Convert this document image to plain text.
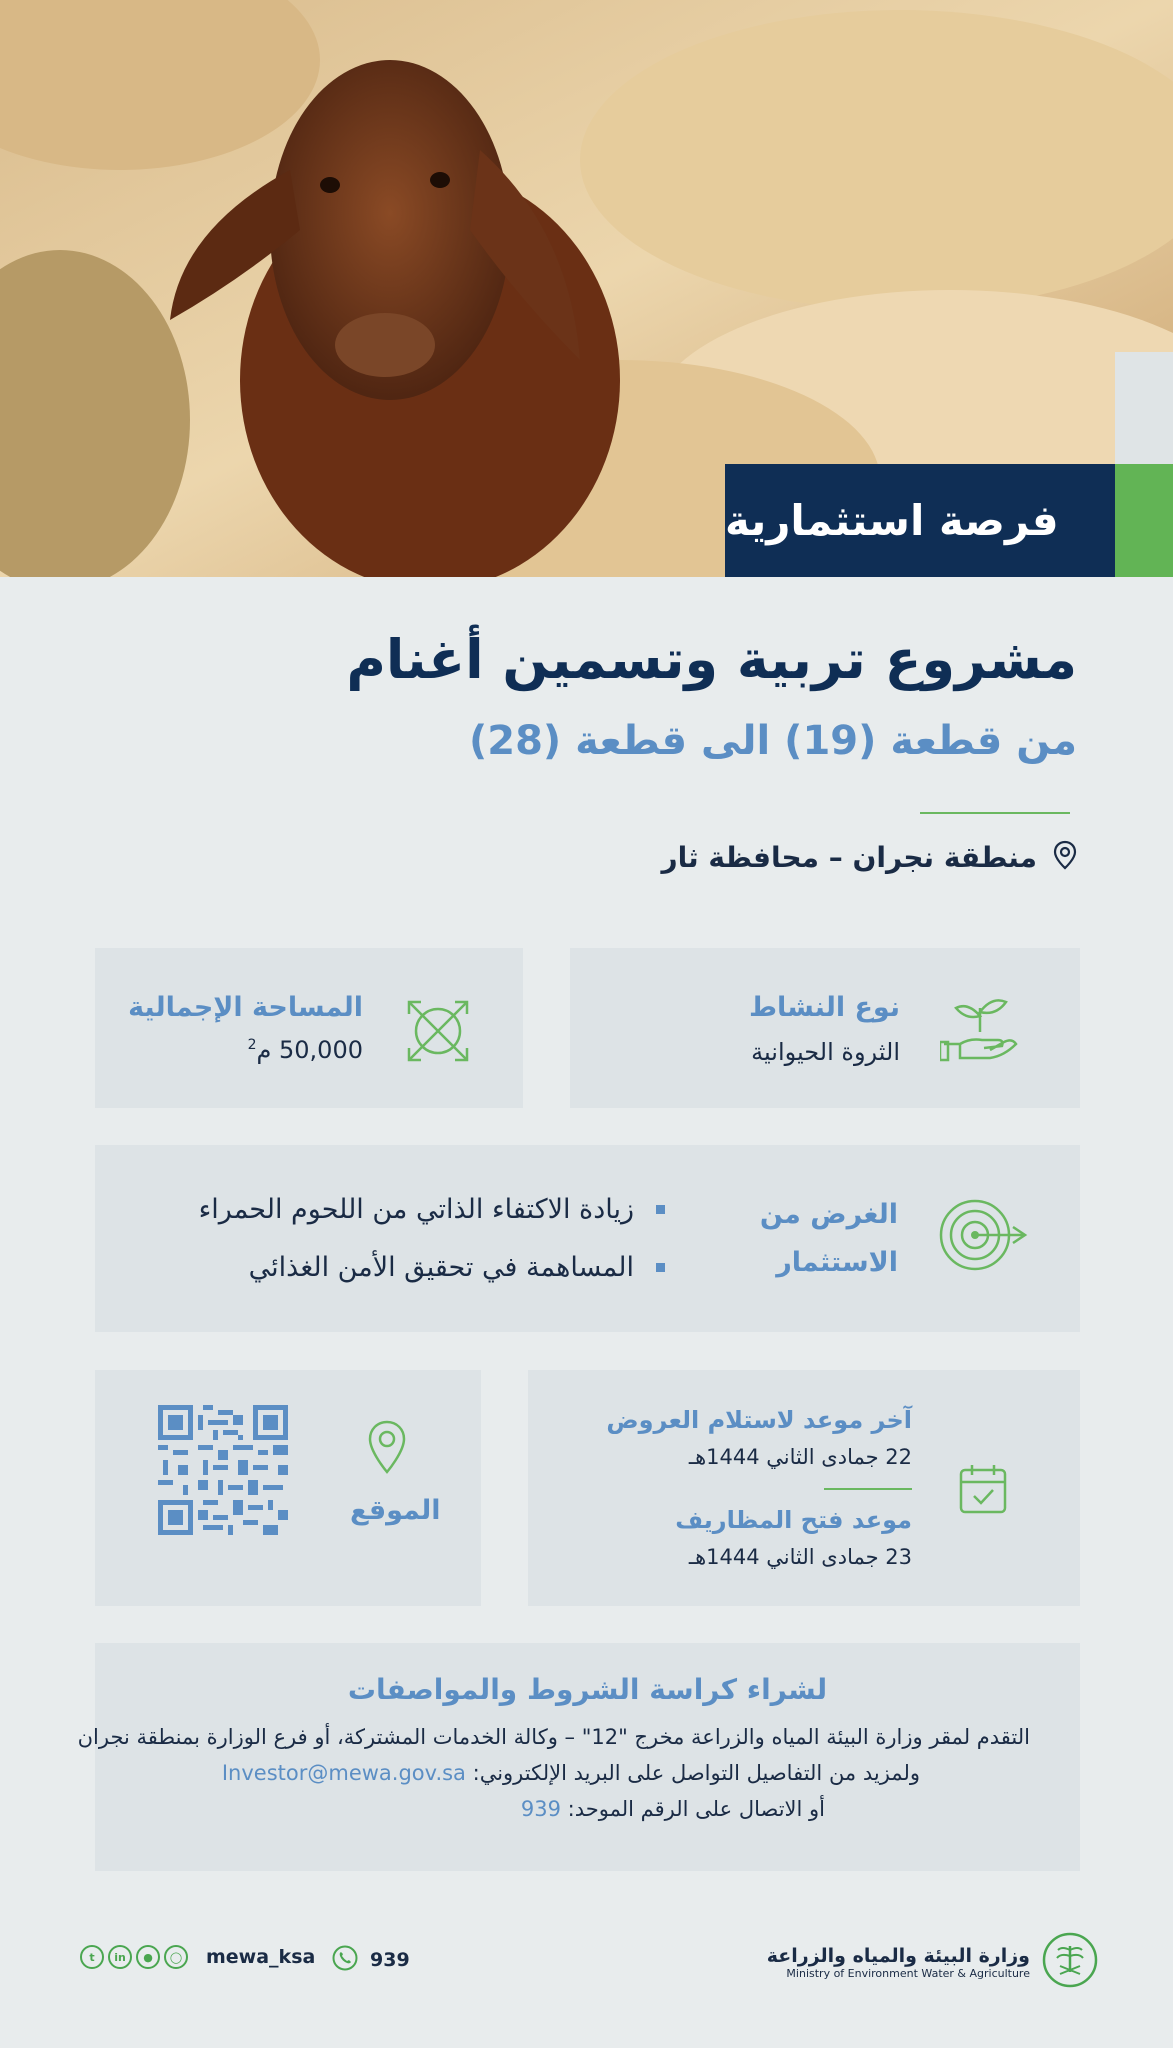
فرصة استثمارية
مشروع تربية وتسمين أغنام
من قطعة (19) الى قطعة (28)
منطقة نجران – محافظة ثار
نوع النشاط
الثروة الحيوانية
المساحة الإجمالية
50,000 م$^2$
الغرض من
الاستثمار
زيادة الاكتفاء الذاتي من اللحوم الحمراء
المساهمة في تحقيق الأمن الغذائي
آخر موعد لاستلام العروض
22 جمادى الثاني 1444هـ
موعد فتح المظاريف
23 جمادى الثاني 1444هـ
الموقع
لشراء كراسة الشروط والمواصفات
التقدم لمقر وزارة البيئة المياه والزراعة مخرج "12" – وكالة الخدمات المشتركة، أو فرع الوزارة بمنطقة نجران
ولمزيد من التفاصيل التواصل على البريد الإلكتروني: Investor@mewa.gov.sa
أو الاتصال على الرقم الموحد: 939
t	in	●	◯	mewa_ksa	939	وزارة البيئة والمياه والزراعة
Ministry of Environment Water & Agriculture
